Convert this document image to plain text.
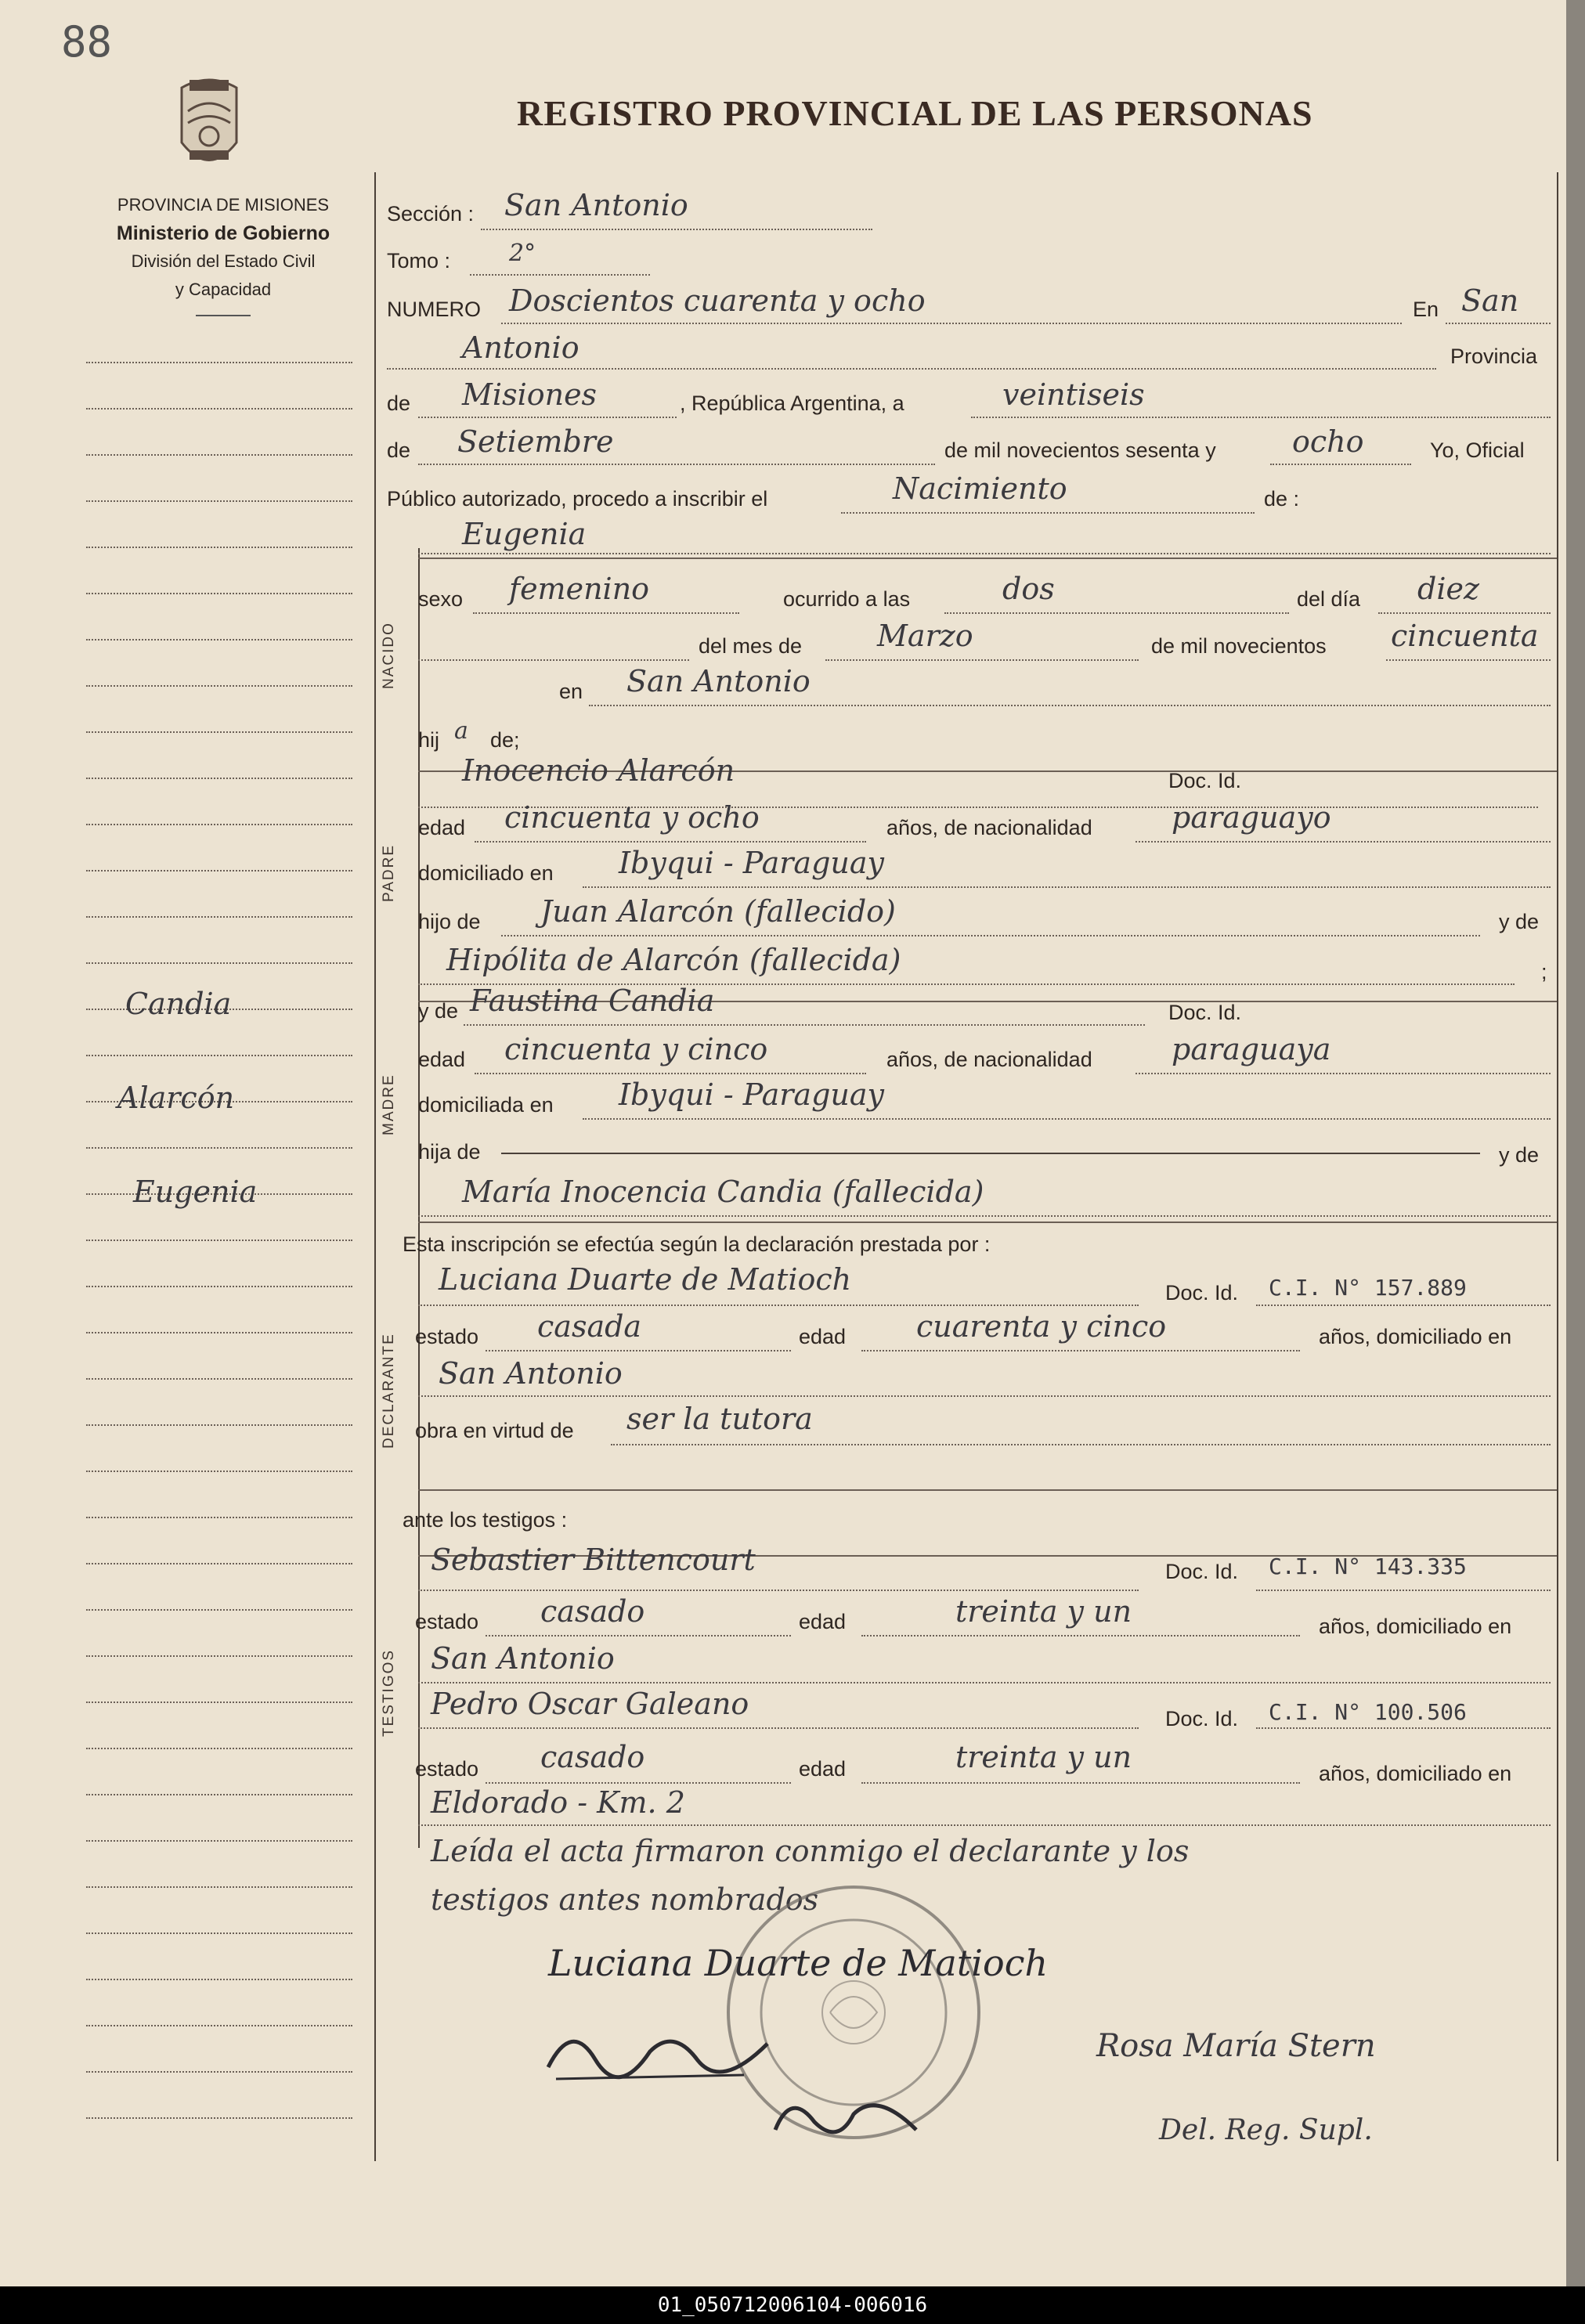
88
REGISTRO PROVINCIAL DE LAS PERSONAS
PROVINCIA DE MISIONES
Ministerio de Gobierno
División del Estado Civil
y Capacidad
NACIDO
PADRE
MADRE
DECLARANTE
TESTIGOS
Sección : San Antonio
Tomo : 2°
NUMERO Doscientos cuarenta y ocho	En San
Antonio	Provincia
de Misiones	, República Argentina, a	veintiseis
de Setiembre	de mil novecientos sesenta y	ocho	Yo, Oficial
Público autorizado, procedo a inscribir el	Nacimiento	de :
Eugenia
sexo femenino	ocurrido a las	dos	del día diez
del mes de	Marzo	de mil novecientos cincuenta
en San Antonio
hij a de;
Inocencio Alarcón	Doc. Id.
edad cincuenta y ocho	años, de nacionalidad	paraguayo
domiciliado en Ibyqui - Paraguay
hijo de Juan Alarcón (fallecido)	y de
Hipólita de Alarcón (fallecida)	;
y de Faustina Candia	Doc. Id.
edad cincuenta y cinco	años, de nacionalidad	paraguaya
domiciliada en Ibyqui - Paraguay
hija de	y de
María Inocencia Candia (fallecida)
Esta inscripción se efectúa según la declaración prestada por :
Luciana Duarte de Matioch	Doc. Id. C.I. N° 157.889
estado casada	edad cuarenta y cinco	años, domiciliado en
San Antonio
obra en virtud de ser la tutora
ante los testigos :
Sebastier Bittencourt	Doc. Id. C.I. N° 143.335
estado casado	edad	treinta y un	años, domiciliado en
San Antonio
Pedro Oscar Galeano	Doc. Id. C.I. N° 100.506
estado casado	edad	treinta y un	años, domiciliado en
Eldorado - Km. 2
Leída el acta firmaron conmigo el declarante y los
testigos antes nombrados
Luciana Duarte de Matioch
Rosa María Stern
Del. Reg. Supl.
Candia
Alarcón
Eugenia
01_050712006104-006016
